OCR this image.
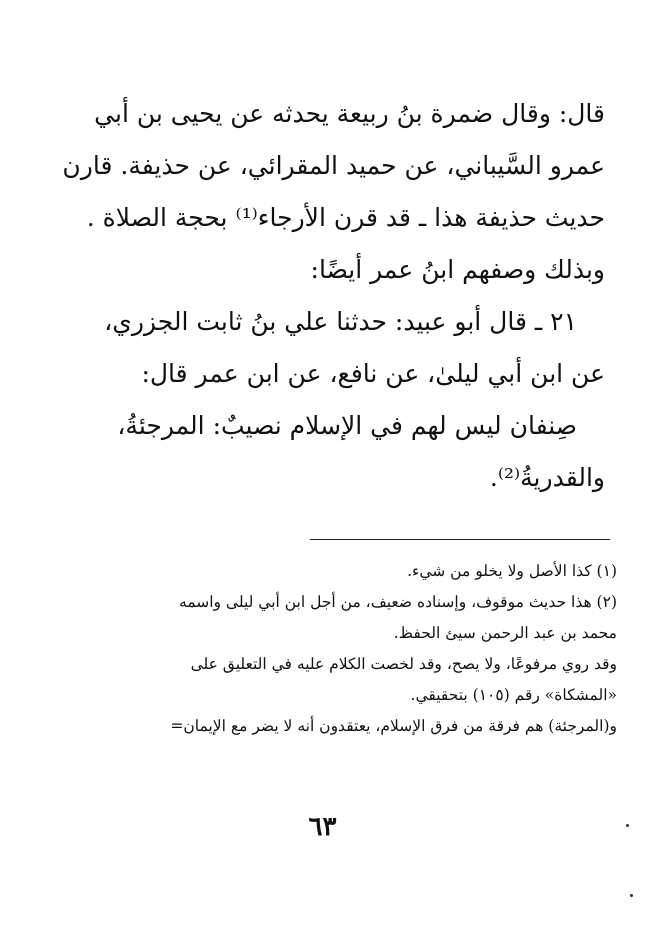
قال: وقال ضمرة بنُ ربيعة يحدثه عن يحيى بن أبي

عمرو السَّيباني، عن حميد المقرائي، عن حذيفة. قارن

حديث حذيفة هذا ـ قد قرن الأرجاء⁽¹⁾ بحجة الصلاة .

وبذلك وصفهم ابنُ عمر أيضًا:

٢١ ـ قال أبو عبيد: حدثنا علي بنُ ثابت الجزري،

عن ابن أبي ليلىٰ، عن نافع، عن ابن عمر قال:

صِنفان ليس لهم في الإسلام نصيبٌ: المرجئةُ،

والقدريةُ⁽²⁾.

(١) كذا الأصل ولا يخلو من شيء.

(٢) هذا حديث موقوف، وإسناده ضعيف، من أجل ابن أبي ليلى واسمه

محمد بن عبد الرحمن سيئ الحفظ.

وقد روي مرفوعًا، ولا يصح، وقد لخصت الكلام عليه في التعليق على

«المشكاة» رقم (١٠٥) بتحقيقي.

و(المرجئة) هم فرقة من فرق الإسلام، يعتقدون أنه لا يضر مع الإيمان=

٦٣
